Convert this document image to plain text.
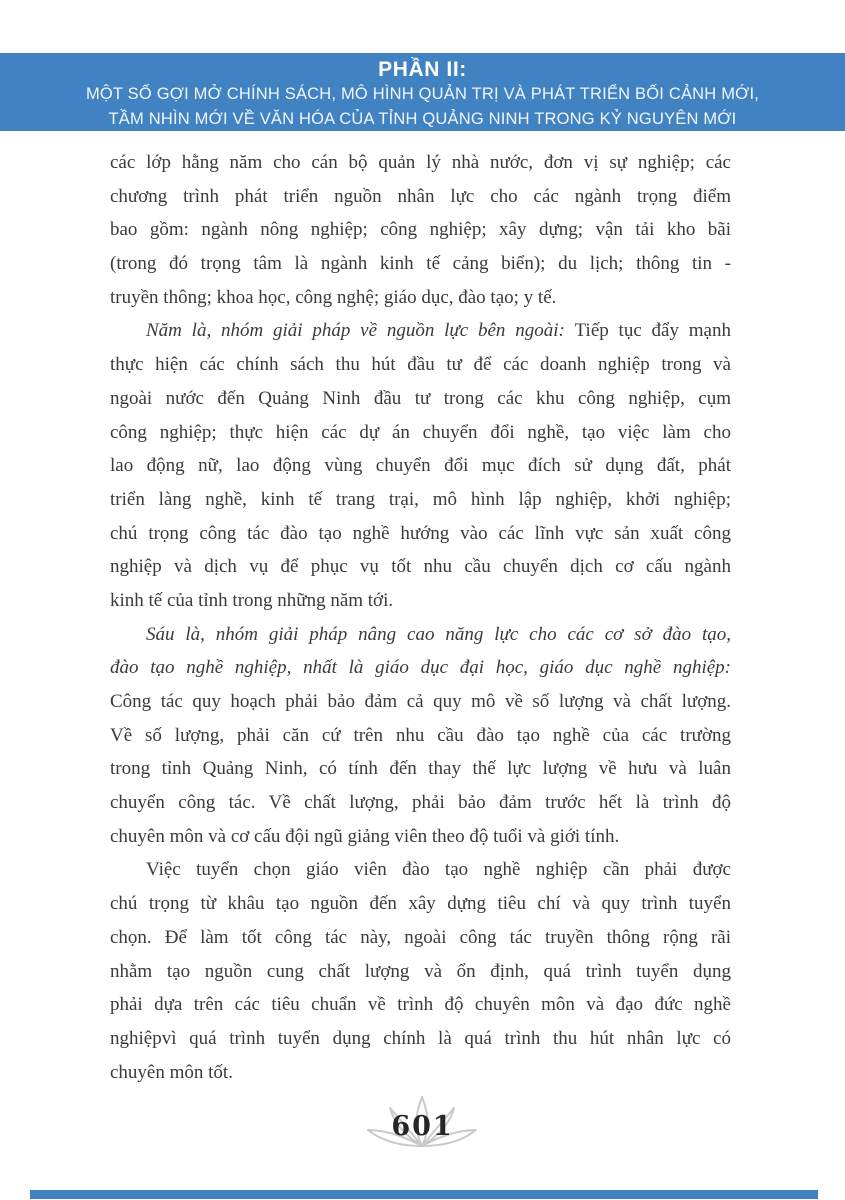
PHẦN II:
MỘT SỐ GỢI MỞ CHÍNH SÁCH, MÔ HÌNH QUẢN TRỊ VÀ PHÁT TRIỂN BỐI CẢNH MỚI,
TẦM NHÌN MỚI VỀ VĂN HÓA CỦA TỈNH QUẢNG NINH TRONG KỶ NGUYÊN MỚI
các lớp hằng năm cho cán bộ quản lý nhà nước, đơn vị sự nghiệp; các
chương trình phát triển nguồn nhân lực cho các ngành trọng điểm
bao gồm: ngành nông nghiệp; công nghiệp; xây dựng; vận tải kho bãi
(trong đó trọng tâm là ngành kinh tế cảng biển); du lịch; thông tin -
truyền thông; khoa học, công nghệ; giáo dục, đào tạo; y tế.
Năm là, nhóm giải pháp về nguồn lực bên ngoài: Tiếp tục đẩy mạnh
thực hiện các chính sách thu hút đầu tư để các doanh nghiệp trong và
ngoài nước đến Quảng Ninh đầu tư trong các khu công nghiệp, cụm
công nghiệp; thực hiện các dự án chuyển đổi nghề, tạo việc làm cho
lao động nữ, lao động vùng chuyển đổi mục đích sử dụng đất, phát
triển làng nghề, kinh tế trang trại, mô hình lập nghiệp, khởi nghiệp;
chú trọng công tác đào tạo nghề hướng vào các lĩnh vực sản xuất công
nghiệp và dịch vụ để phục vụ tốt nhu cầu chuyển dịch cơ cấu ngành
kinh tế của tỉnh trong những năm tới.
Sáu là, nhóm giải pháp nâng cao năng lực cho các cơ sở đào tạo,
đào tạo nghề nghiệp, nhất là giáo dục đại học, giáo dục nghề nghiệp:
Công tác quy hoạch phải bảo đảm cả quy mô về số lượng và chất lượng.
Về số lượng, phải căn cứ trên nhu cầu đào tạo nghề của các trường
trong tỉnh Quảng Ninh, có tính đến thay thế lực lượng về hưu và luân
chuyển công tác. Về chất lượng, phải bảo đảm trước hết là trình độ
chuyên môn và cơ cấu đội ngũ giảng viên theo độ tuổi và giới tính.
Việc tuyển chọn giáo viên đào tạo nghề nghiệp cần phải được
chú trọng từ khâu tạo nguồn đến xây dựng tiêu chí và quy trình tuyển
chọn. Để làm tốt công tác này, ngoài công tác truyền thông rộng rãi
nhằm tạo nguồn cung chất lượng và ổn định, quá trình tuyển dụng
phải dựa trên các tiêu chuẩn về trình độ chuyên môn và đạo đức nghề
nghiệpvì quá trình tuyển dụng chính là quá trình thu hút nhân lực có
chuyên môn tốt.
601
